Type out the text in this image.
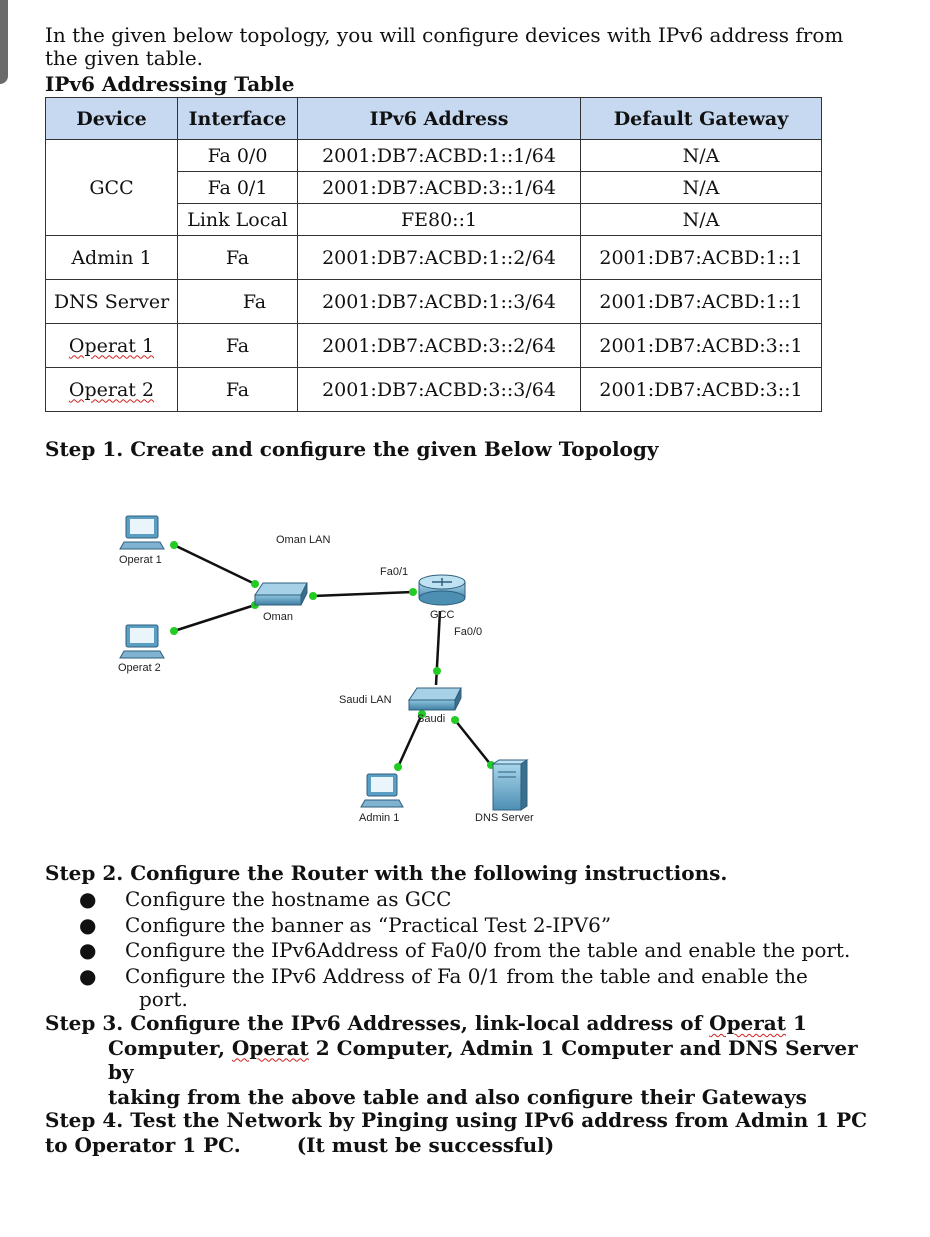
In the given below topology, you will configure devices with IPv6 address from the given table.

IPv6 Addressing Table

Device	Interface	IPv6 Address	Default Gateway
GCC	Fa 0/0	2001:DB7:ACBD:1::1/64	N/A
	Fa 0/1	2001:DB7:ACBD:3::1/64	N/A
	Link Local	FE80::1	N/A
Admin 1	Fa	2001:DB7:ACBD:1::2/64	2001:DB7:ACBD:1::1
DNS Server	Fa	2001:DB7:ACBD:1::3/64	2001:DB7:ACBD:1::1
Operat 1	Fa	2001:DB7:ACBD:3::2/64	2001:DB7:ACBD:3::1
Operat 2	Fa	2001:DB7:ACBD:3::3/64	2001:DB7:ACBD:3::1

Step 1. Create and configure the given Below Topology

Oman LAN
Operat 1
Operat 2
Oman
Fa0/1
GCC
Fa0/0
Saudi LAN
Saudi
Admin 1	DNS Server

Step 2. Configure the Router with the following instructions.

● Configure the hostname as GCC
● Configure the banner as “Practical Test 2-IPV6”
● Configure the IPv6Address of Fa0/0 from the table and enable the port.
● Configure the IPv6 Address of Fa 0/1 from the table and enable the
port.
Step 3. Configure the IPv6 Addresses, link-local address of Operat 1
Computer, Operat 2 Computer, Admin 1 Computer and DNS Server by
taking from the above table and also configure their Gateways

Step 4. Test the Network by Pinging using IPv6 address from Admin 1 PC

to Operator 1 PC.	(It must be successful)
